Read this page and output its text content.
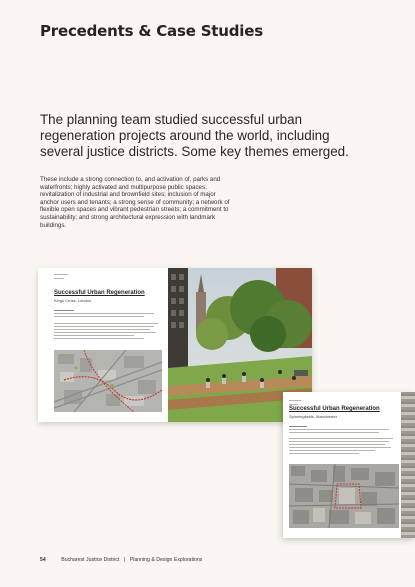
Precedents & Case Studies
The planning team studied successful urban regeneration projects around the world, including several justice districts. Some key themes emerged.
These include a strong connection to, and activation of, parks and waterfronts; highly activated and multipurpose public spaces; revitalization of industrial and brownfield sites; inclusion of major anchor users and tenants; a strong sense of community; a network of flexible open spaces and vibrant pedestrian streets; a commitment to sustainability; and strong architectural expression with landmark buildings.
Successful Urban Regeneration
Kings Cross, London
Successful Urban Regeneration
Spinningfields, Manchester
54	Bucharest Justice District | Planning & Design Explorations
